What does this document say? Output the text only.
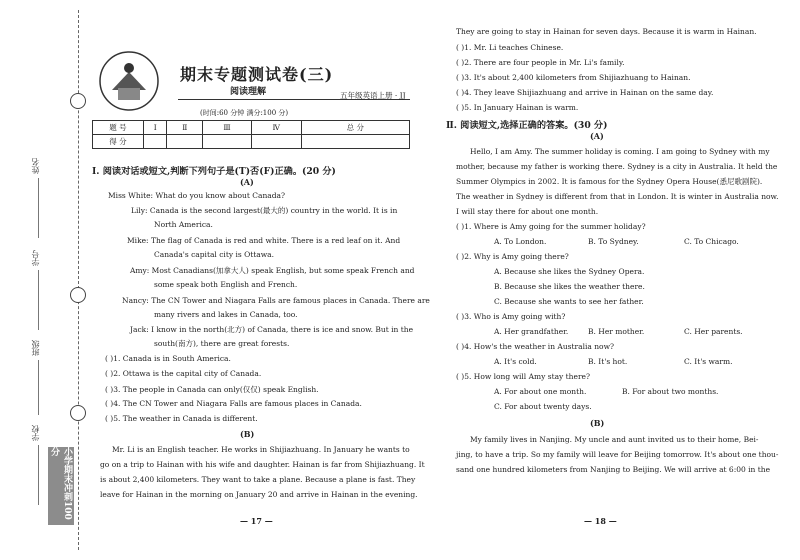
姓名
学号
班级
学校
小学期末冲刺100分
期末专题测试卷(三)
阅读理解	五年级英语上册 · JJ
(时间:60 分钟 满分:100 分)
题 号	Ⅰ	Ⅱ	Ⅲ	Ⅳ	总 分
得 分					
Ⅰ. 阅读对话或短文,判断下列句子是(T)否(F)正确。(20 分)
(A)
Miss White: What do you know about Canada?
Lily: Canada is the second largest(最大的) country in the world. It is in
North America.
Mike: The flag of Canada is red and white. There is a red leaf on it. And
Canada's capital city is Ottawa.
Amy: Most Canadians(加拿大人) speak English, but some speak French and
some speak both English and French.
Nancy: The CN Tower and Niagara Falls are famous places in Canada. There are
many rivers and lakes in Canada, too.
Jack: I know in the north(北方) of Canada, there is ice and snow. But in the
south(南方), there are great forests.
( )1. Canada is in South America.
( )2. Ottawa is the capital city of Canada.
( )3. The people in Canada can only(仅仅) speak English.
( )4. The CN Tower and Niagara Falls are famous places in Canada.
( )5. The weather in Canada is different.
(B)
Mr. Li is an English teacher. He works in Shijiazhuang. In January he wants to
go on a trip to Hainan with his wife and daughter. Hainan is far from Shijiazhuang. It
is about 2,400 kilometers. They want to take a plane. Because a plane is fast. They
leave for Hainan in the morning on January 20 and arrive in Hainan in the evening.
— 17 —
They are going to stay in Hainan for seven days. Because it is warm in Hainan.
( )1. Mr. Li teaches Chinese.
( )2. There are four people in Mr. Li's family.
( )3. It's about 2,400 kilometers from Shijiazhuang to Hainan.
( )4. They leave Shijiazhuang and arrive in Hainan on the same day.
( )5. In January Hainan is warm.
Ⅱ. 阅读短文,选择正确的答案。(30 分)
(A)
Hello, I am Amy. The summer holiday is coming. I am going to Sydney with my
mother, because my father is working there. Sydney is a city in Australia. It held the
Summer Olympics in 2002. It is famous for the Sydney Opera House(悉尼歌剧院).
The weather in Sydney is different from that in London. It is winter in Australia now.
I will stay there for about one month.
( )1. Where is Amy going for the summer holiday?
A. To London.	B. To Sydney.	C. To Chicago.
( )2. Why is Amy going there?
A. Because she likes the Sydney Opera.
B. Because she likes the weather there.
C. Because she wants to see her father.
( )3. Who is Amy going with?
A. Her grandfather.	B. Her mother.	C. Her parents.
( )4. How's the weather in Australia now?
A. It's cold.	B. It's hot.	C. It's warm.
( )5. How long will Amy stay there?
A. For about one month.	B. For about two months.
C. For about twenty days.
(B)
My family lives in Nanjing. My uncle and aunt invited us to their home, Bei-
jing, to have a trip. So my family will leave for Beijing tomorrow. It's about one thou-
sand one hundred kilometers from Nanjing to Beijing. We will arrive at 6:00 in the
— 18 —
